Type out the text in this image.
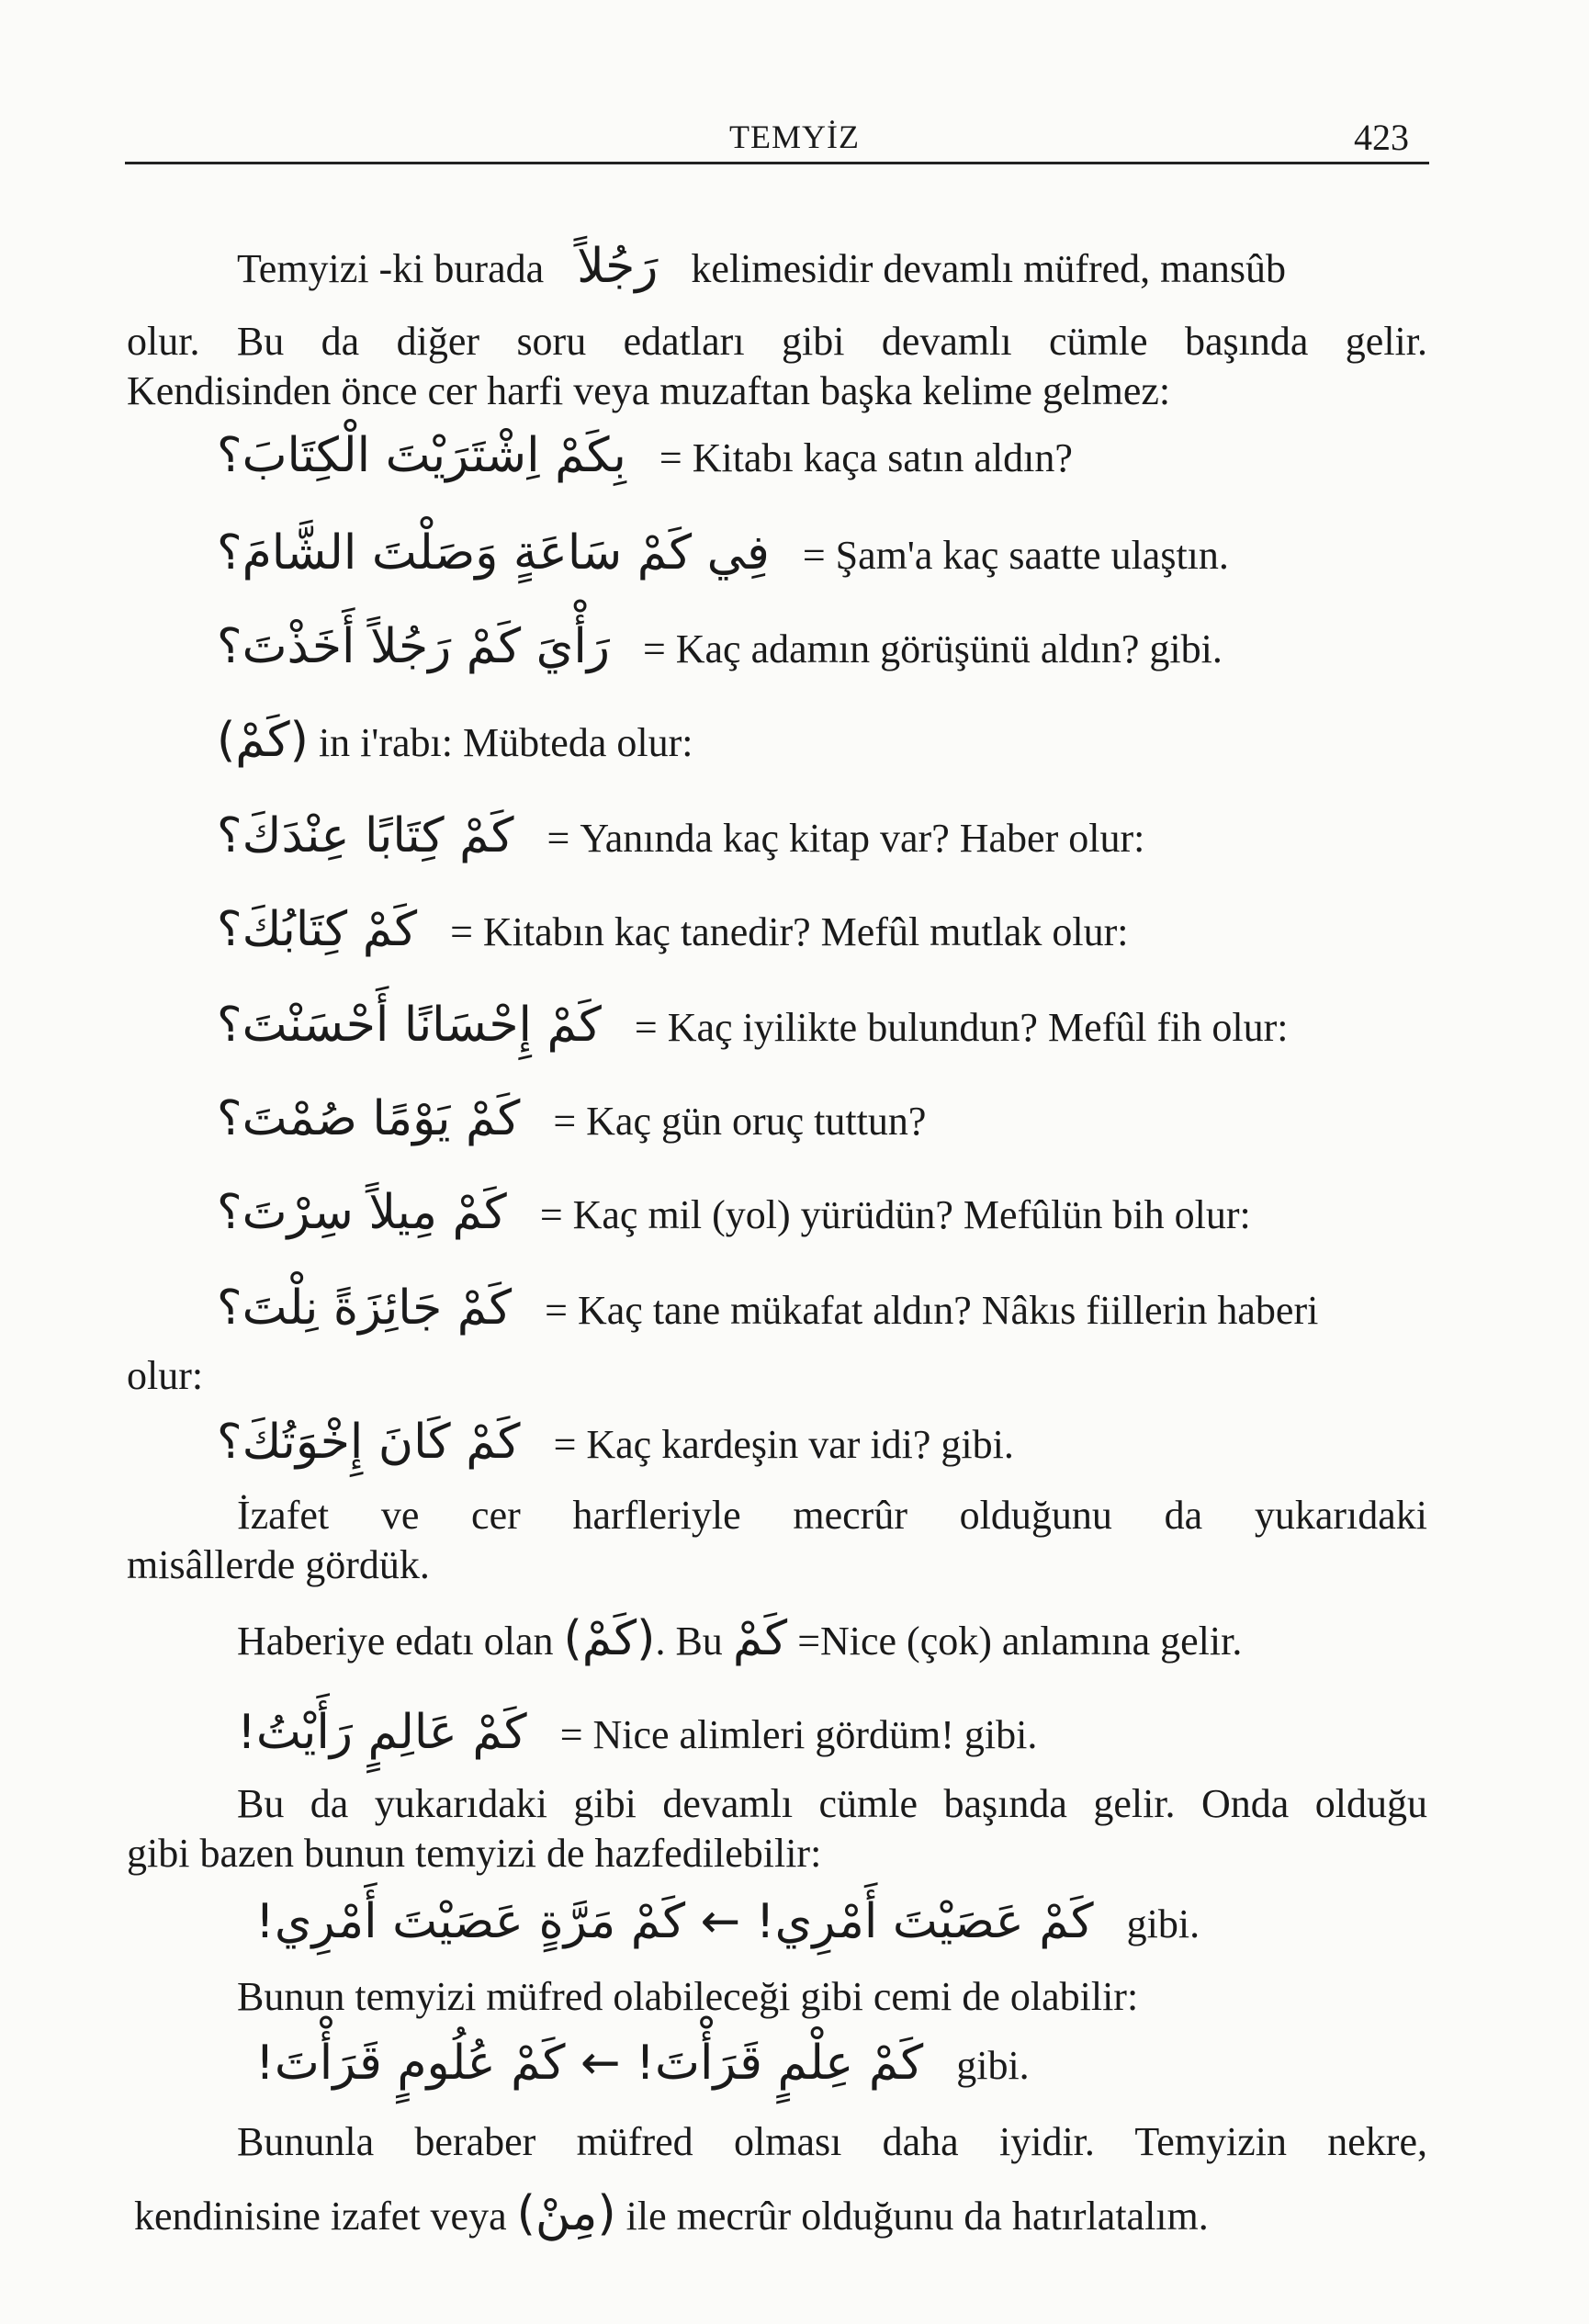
TEMYİZ	423
Temyizi -ki burada رَجُلاً kelimesidir devamlı müfred, mansûb
olur. Bu da diğer soru edatları gibi devamlı cümle başında gelir.
Kendisinden önce cer harfi veya muzaftan başka kelime gelmez:
بِكَمْ اِشْتَرَيْتَ الْكِتَابَ؟ = Kitabı kaça satın aldın?
فِي كَمْ سَاعَةٍ وَصَلْتَ الشَّامَ؟ = Şam'a kaç saatte ulaştın.
رَأْيَ كَمْ رَجُلاً أَخَذْتَ؟ = Kaç adamın görüşünü aldın? gibi.
(كَمْ) in i'rabı: Mübteda olur:
كَمْ كِتَابًا عِنْدَكَ؟ = Yanında kaç kitap var? Haber olur:
كَمْ كِتَابُكَ؟ = Kitabın kaç tanedir? Mefûl mutlak olur:
كَمْ إِحْسَانًا أَحْسَنْتَ؟ = Kaç iyilikte bulundun? Mefûl fih olur:
كَمْ يَوْمًا صُمْتَ؟ = Kaç gün oruç tuttun?
كَمْ مِيلاً سِرْتَ؟ = Kaç mil (yol) yürüdün? Mefûlün bih olur:
كَمْ جَائِزَةً نِلْتَ؟ = Kaç tane mükafat aldın? Nâkıs fiillerin haberi
olur:
كَمْ كَانَ إِخْوَتُكَ؟ = Kaç kardeşin var idi? gibi.
İzafet ve cer harfleriyle mecrûr olduğunu da yukarıdaki
misâllerde gördük.
Haberiye edatı olan (كَمْ). Bu كَمْ =Nice (çok) anlamına gelir.
كَمْ عَالِمٍ رَأَيْتُ! = Nice alimleri gördüm! gibi.
Bu da yukarıdaki gibi devamlı cümle başında gelir. Onda olduğu
gibi bazen bunun temyizi de hazfedilebilir:
كَمْ عَصَيْتَ أَمْرِي! ← كَمْ مَرَّةٍ عَصَيْتَ أَمْرِي! gibi.
Bunun temyizi müfred olabileceği gibi cemi de olabilir:
كَمْ عِلْمٍ قَرَأْتَ! ← كَمْ عُلُومٍ قَرَأْتَ! gibi.
Bununla beraber müfred olması daha iyidir. Temyizin nekre,
kendinisine izafet veya (مِنْ) ile mecrûr olduğunu da hatırlatalım.
